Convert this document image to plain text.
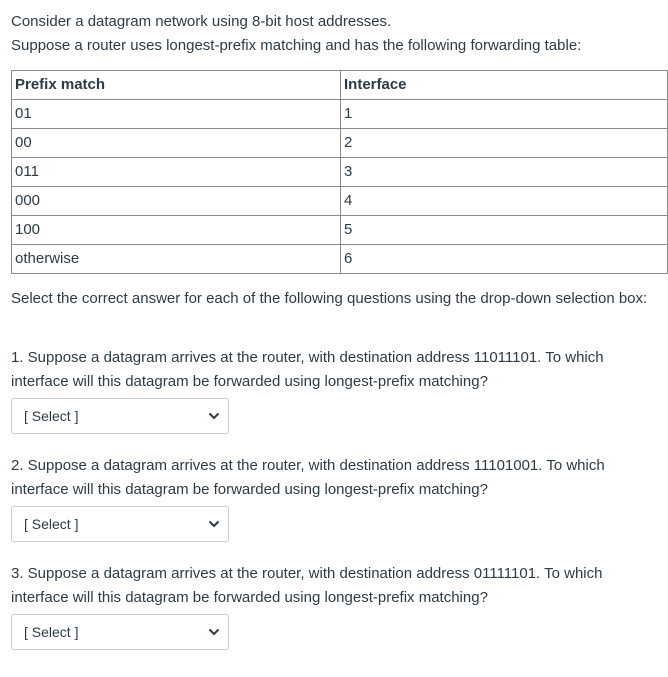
Consider a datagram network using 8-bit host addresses.

Suppose a router uses longest-prefix matching and has the following forwarding table:

Prefix match	Interface
01	1
00	2
011	3
000	4
100	5
otherwise	6

Select the correct answer for each of the following questions using the drop-down selection box:

1. Suppose a datagram arrives at the router, with destination address 11011101. To which interface will this datagram be forwarded using longest-prefix matching?

[ Select ]

2. Suppose a datagram arrives at the router, with destination address 11101001. To which interface will this datagram be forwarded using longest-prefix matching?

[ Select ]

3. Suppose a datagram arrives at the router, with destination address 01111101. To which interface will this datagram be forwarded using longest-prefix matching?

[ Select ]
